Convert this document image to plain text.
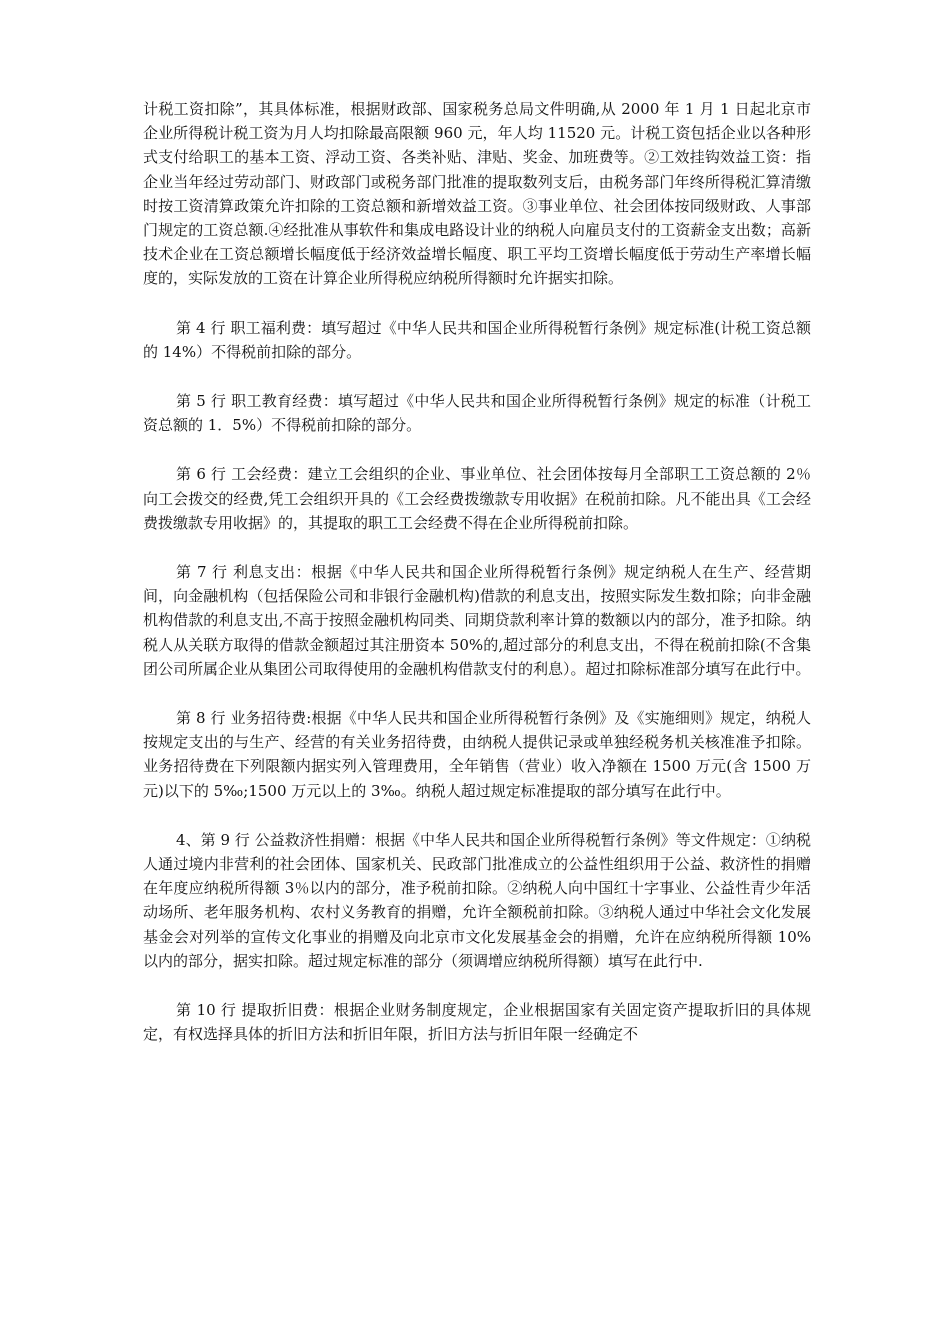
计税工资扣除”，其具体标准，根据财政部、国家税务总局文件明确,从 2000 年 1 月 1 日起北京市企业所得税计税工资为月人均扣除最高限额 960 元，年人均 11520 元。计税工资包括企业以各种形式支付给职工的基本工资、浮动工资、各类补贴、津贴、奖金、加班费等。②工效挂钩效益工资：指企业当年经过劳动部门、财政部门或税务部门批准的提取数列支后，由税务部门年终所得税汇算清缴时按工资清算政策允许扣除的工资总额和新增效益工资。③事业单位、社会团体按同级财政、人事部门规定的工资总额.④经批准从事软件和集成电路设计业的纳税人向雇员支付的工资薪金支出数；高新技术企业在工资总额增长幅度低于经济效益增长幅度、职工平均工资增长幅度低于劳动生产率增长幅度的，实际发放的工资在计算企业所得税应纳税所得额时允许据实扣除。

第 4 行 职工福利费：填写超过《中华人民共和国企业所得税暂行条例》规定标准(计税工资总额的 14%）不得税前扣除的部分。

第 5 行 职工教育经费：填写超过《中华人民共和国企业所得税暂行条例》规定的标准（计税工资总额的 1．5%）不得税前扣除的部分。

第 6 行 工会经费：建立工会组织的企业、事业单位、社会团体按每月全部职工工资总额的 2％向工会拨交的经费,凭工会组织开具的《工会经费拨缴款专用收据》在税前扣除。凡不能出具《工会经费拨缴款专用收据》的，其提取的职工工会经费不得在企业所得税前扣除。

第 7 行 利息支出：根据《中华人民共和国企业所得税暂行条例》规定纳税人在生产、经营期间，向金融机构（包括保险公司和非银行金融机构)借款的利息支出，按照实际发生数扣除；向非金融机构借款的利息支出,不高于按照金融机构同类、同期贷款利率计算的数额以内的部分，准予扣除。纳税人从关联方取得的借款金额超过其注册资本 50%的,超过部分的利息支出，不得在税前扣除(不含集团公司所属企业从集团公司取得使用的金融机构借款支付的利息）。超过扣除标准部分填写在此行中。

第 8 行 业务招待费:根据《中华人民共和国企业所得税暂行条例》及《实施细则》规定，纳税人按规定支出的与生产、经营的有关业务招待费，由纳税人提供记录或单独经税务机关核准准予扣除。业务招待费在下列限额内据实列入管理费用，全年销售（营业）收入净额在 1500 万元(含 1500 万元)以下的 5‰;1500 万元以上的 3‰。纳税人超过规定标准提取的部分填写在此行中。

4、第 9 行 公益救济性捐赠：根据《中华人民共和国企业所得税暂行条例》等文件规定：①纳税人通过境内非营利的社会团体、国家机关、民政部门批准成立的公益性组织用于公益、救济性的捐赠在年度应纳税所得额 3％以内的部分，准予税前扣除。②纳税人向中国红十字事业、公益性青少年活动场所、老年服务机构、农村义务教育的捐赠，允许全额税前扣除。③纳税人通过中华社会文化发展基金会对列举的宣传文化事业的捐赠及向北京市文化发展基金会的捐赠，允许在应纳税所得额 10%以内的部分，据实扣除。超过规定标准的部分（须调增应纳税所得额）填写在此行中.

第 10 行 提取折旧费：根据企业财务制度规定，企业根据国家有关固定资产提取折旧的具体规定，有权选择具体的折旧方法和折旧年限，折旧方法与折旧年限一经确定不
